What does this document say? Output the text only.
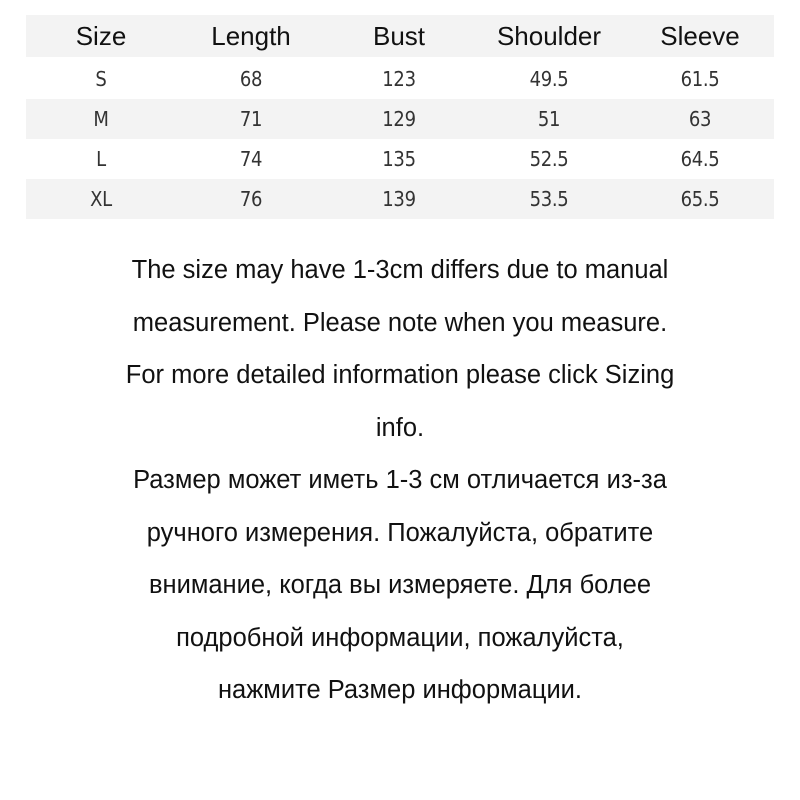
Size	Length	Bust	Shoulder	Sleeve
S	68	123	49.5	61.5
M	71	129	51	63
L	74	135	52.5	64.5
XL	76	139	53.5	65.5
The size may have 1-3cm differs due to manual
measurement. Please note when you measure.
For more detailed information please click Sizing
info.
Размер может иметь 1-3 см отличается из-за
ручного измерения. Пожалуйста, обратите
внимание, когда вы измеряете. Для более
подробной информации, пожалуйста,
нажмите Размер информации.
